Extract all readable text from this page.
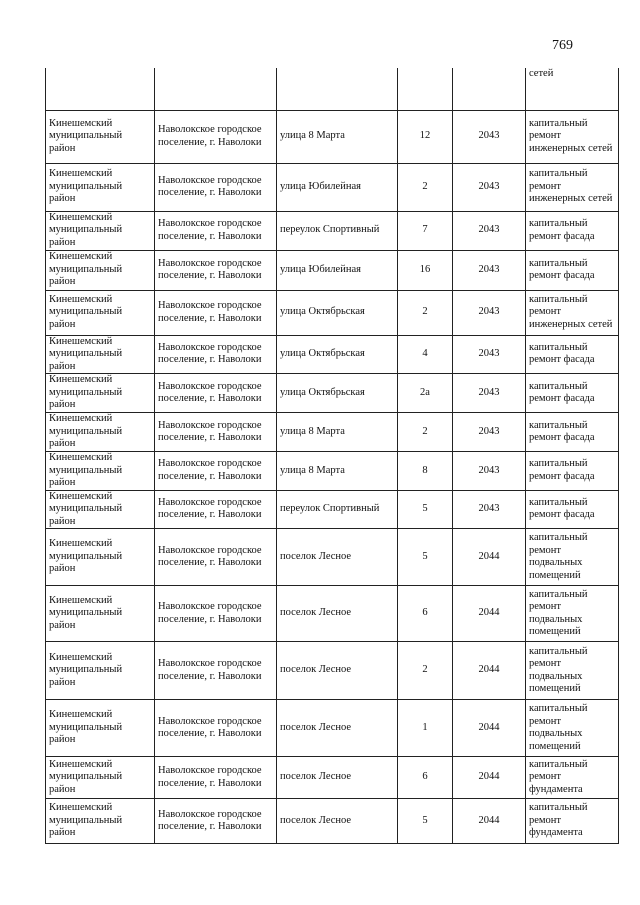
769
					сетей
Кинешемский муниципальный район	Наволокское городское поселение, г. Наволоки	улица 8 Марта	12	2043	капитальный ремонт инженерных сетей
Кинешемский муниципальный район	Наволокское городское поселение, г. Наволоки	улица Юбилейная	2	2043	капитальный ремонт инженерных сетей
Кинешемский муниципальный район	Наволокское городское поселение, г. Наволоки	переулок Спортивный	7	2043	капитальный ремонт фасада
Кинешемский муниципальный район	Наволокское городское поселение, г. Наволоки	улица Юбилейная	16	2043	капитальный ремонт фасада
Кинешемский муниципальный район	Наволокское городское поселение, г. Наволоки	улица Октябрьская	2	2043	капитальный ремонт инженерных сетей
Кинешемский муниципальный район	Наволокское городское поселение, г. Наволоки	улица Октябрьская	4	2043	капитальный ремонт фасада
Кинешемский муниципальный район	Наволокское городское поселение, г. Наволоки	улица Октябрьская	2а	2043	капитальный ремонт фасада
Кинешемский муниципальный район	Наволокское городское поселение, г. Наволоки	улица 8 Марта	2	2043	капитальный ремонт фасада
Кинешемский муниципальный район	Наволокское городское поселение, г. Наволоки	улица 8 Марта	8	2043	капитальный ремонт фасада
Кинешемский муниципальный район	Наволокское городское поселение, г. Наволоки	переулок Спортивный	5	2043	капитальный ремонт фасада
Кинешемский муниципальный район	Наволокское городское поселение, г. Наволоки	поселок Лесное	5	2044	капитальный ремонт подвальных помещений
Кинешемский муниципальный район	Наволокское городское поселение, г. Наволоки	поселок Лесное	6	2044	капитальный ремонт подвальных помещений
Кинешемский муниципальный район	Наволокское городское поселение, г. Наволоки	поселок Лесное	2	2044	капитальный ремонт подвальных помещений
Кинешемский муниципальный район	Наволокское городское поселение, г. Наволоки	поселок Лесное	1	2044	капитальный ремонт подвальных помещений
Кинешемский муниципальный район	Наволокское городское поселение, г. Наволоки	поселок Лесное	6	2044	капитальный ремонт фундамента
Кинешемский муниципальный район	Наволокское городское поселение, г. Наволоки	поселок Лесное	5	2044	капитальный ремонт фундамента
